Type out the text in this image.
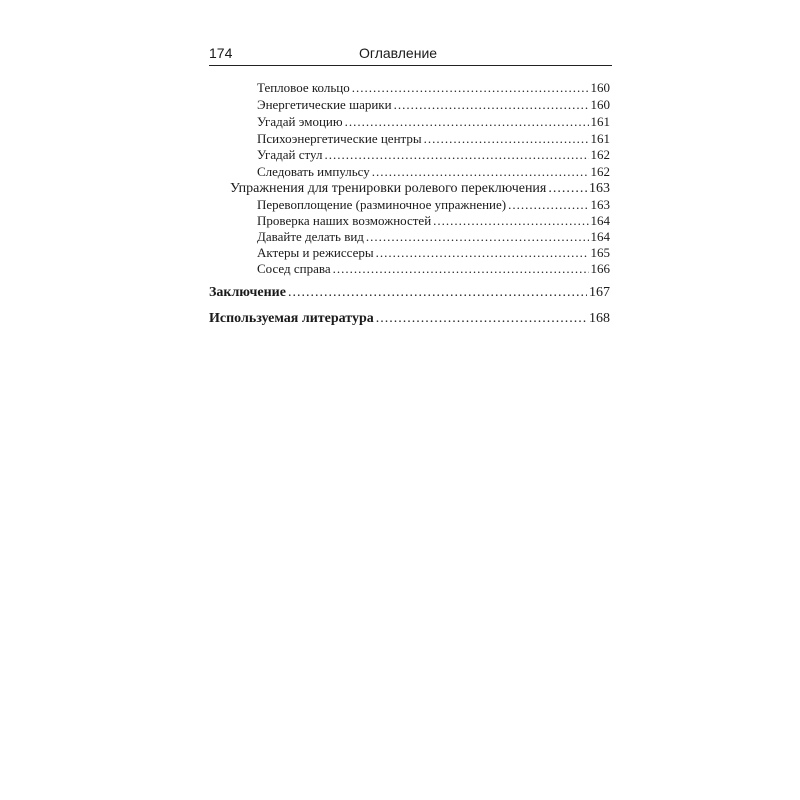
174	Оглавление
Тепловое кольцо .....	160
Энергетические шарики .....	160
Угадай эмоцию .....	161
Психоэнергетические центры .....	161
Угадай стул .....	162
Следовать импульсу .....	162
Упражнения для тренировки ролевого переключения .....	163
Перевоплощение (разминочное упражнение) .....	163
Проверка наших возможностей .....	164
Давайте делать вид .....	164
Актеры и режиссеры .....	165
Сосед справа .....	166
Заключение .....	167
Используемая литература .....	168
